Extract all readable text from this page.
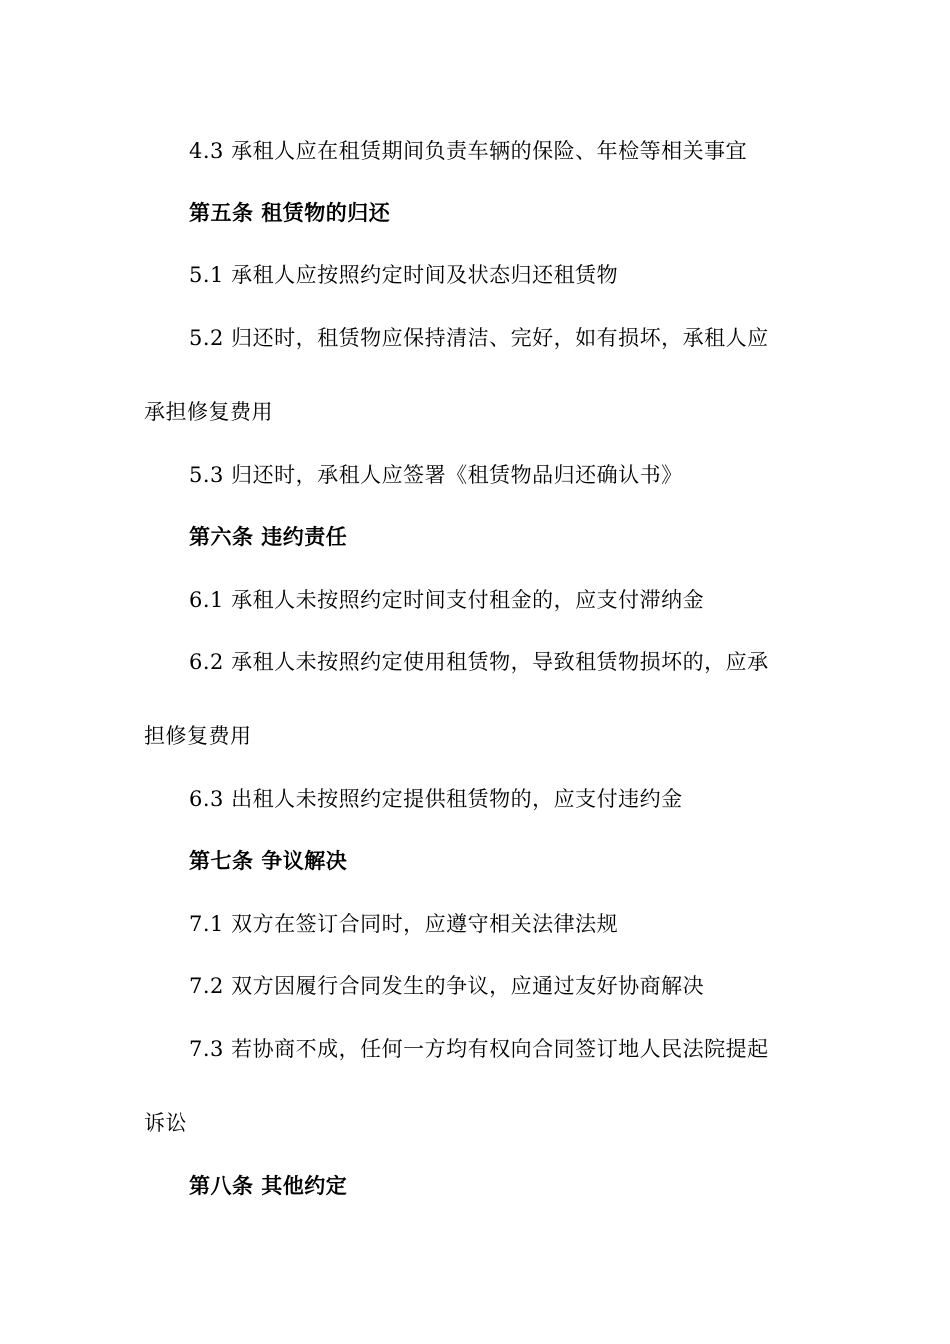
4.3 承租人应在租赁期间负责车辆的保险、年检等相关事宜
第五条 租赁物的归还
5.1 承租人应按照约定时间及状态归还租赁物
5.2 归还时，租赁物应保持清洁、完好，如有损坏，承租人应
承担修复费用
5.3 归还时，承租人应签署《租赁物品归还确认书》
第六条 违约责任
6.1 承租人未按照约定时间支付租金的，应支付滞纳金
6.2 承租人未按照约定使用租赁物，导致租赁物损坏的，应承
担修复费用
6.3 出租人未按照约定提供租赁物的，应支付违约金
第七条 争议解决
7.1 双方在签订合同时，应遵守相关法律法规
7.2 双方因履行合同发生的争议，应通过友好协商解决
7.3 若协商不成，任何一方均有权向合同签订地人民法院提起
诉讼
第八条 其他约定
